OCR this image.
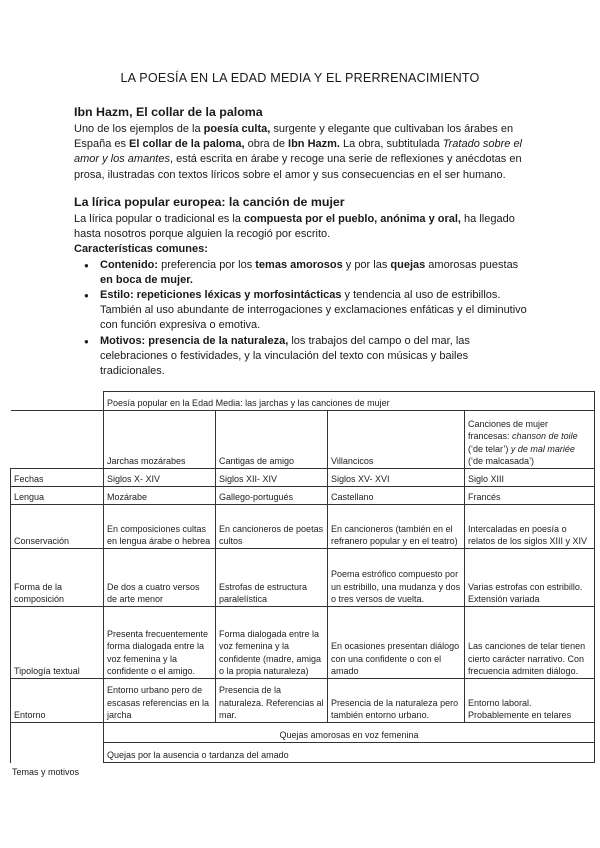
LA POESÍA EN LA EDAD MEDIA Y EL PRERRENACIMIENTO

Ibn Hazm, El collar de la paloma

Uno de los ejemplos de la poesía culta, surgente y elegante que cultivaban los árabes en España es El collar de la paloma, obra de Ibn Hazm. La obra, subtitulada Tratado sobre el amor y los amantes, está escrita en árabe y recoge una serie de reflexiones y anécdotas en prosa, ilustradas con textos líricos sobre el amor y sus consecuencias en el ser humano.

La lírica popular europea: la canción de mujer

La lírica popular o tradicional es la compuesta por el pueblo, anónima y oral, ha llegado hasta nosotros porque alguien la recogió por escrito.

Características comunes:

● Contenido: preferencia por los temas amorosos y por las quejas amorosas puestas en boca de mujer.
● Estilo: repeticiones léxicas y morfosintácticas y tendencia al uso de estribillos. También al uso abundante de interrogaciones y exclamaciones enfáticas y el diminutivo con función expresiva o emotiva.
● Motivos: presencia de la naturaleza, los trabajos del campo o del mar, las celebraciones o festividades, y la vinculación del texto con músicas y bailes tradicionales.
	Poesía popular en la Edad Media: las jarchas y las canciones de mujer			
	Jarchas mozárabes	Cantigas de amigo	Villancicos	Canciones de mujer francesas: chanson de toile (‘de telar’) y de mal mariée (‘de malcasada’)
Fechas	Siglos X- XIV	Siglos XII- XIV	Siglos XV- XVI	Siglo XIII
Lengua	Mozárabe	Gallego-portugués	Castellano	Francés
Conservación	En composiciones cultas en lengua árabe o hebrea	En cancioneros de poetas cultos	En cancioneros (también en el refranero popular y en el teatro)	Intercaladas en poesía o relatos de los siglos XIII y XIV
Forma de la composición	De dos a cuatro versos de arte menor	Estrofas de estructura paralelística	Poema estrófico compuesto por un estribillo, una mudanza y dos o tres versos de vuelta.	Varias estrofas con estribillo. Extensión variada
Tipología textual	Presenta frecuentemente forma dialogada entre la voz femenina y la confidente o el amigo.	Forma dialogada entre la voz femenina y la confidente (madre, amiga o la propia naturaleza)	En ocasiones presentan diálogo con una confidente o con el amado	Las canciones de telar tienen cierto carácter narrativo. Con frecuencia admiten diálogo.
Entorno	Entorno urbano pero de escasas referencias en la jarcha	Presencia de la naturaleza. Referencias al mar.	Presencia de la naturaleza pero también entorno urbano.	Entorno laboral. Probablemente en telares
	Quejas amorosas en voz femenina			
	Quejas por la ausencia o tardanza del amado			
Temas y motivos
